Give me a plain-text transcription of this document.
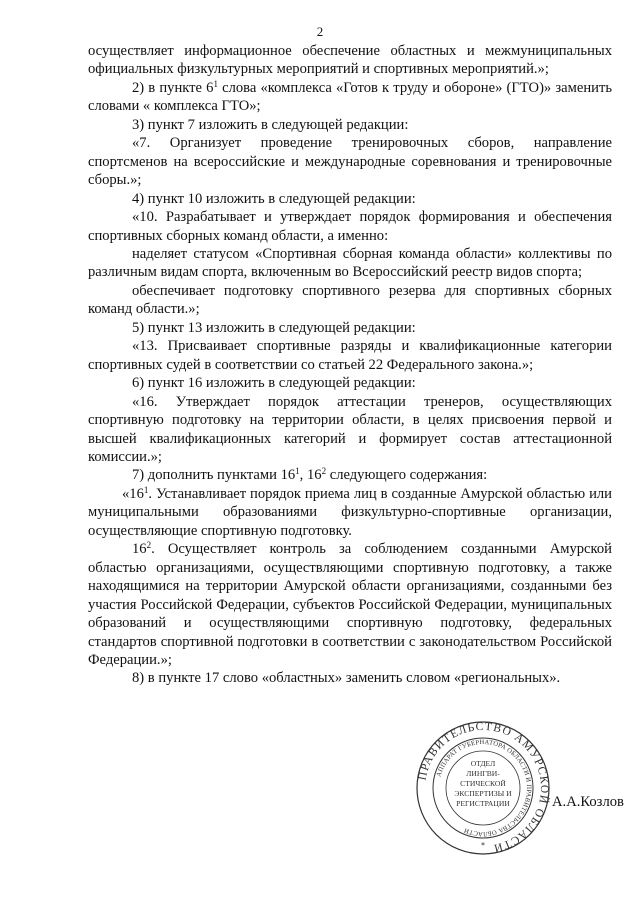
2

осуществляет информационное обеспечение областных и межмуниципальных официальных физкультурных мероприятий и спортивных мероприятий.»;

2) в пункте $6^1$ слова «комплекса «Готов к труду и обороне» (ГТО)» заменить словами « комплекса ГТО»;

3) пункт 7 изложить в следующей редакции:

«7. Организует проведение тренировочных сборов, направление спортсменов на всероссийские и международные соревнования и тренировочные сборы.»;

4) пункт 10 изложить в следующей редакции:

«10. Разрабатывает и утверждает порядок формирования и обеспечения спортивных сборных команд области, а именно:

наделяет статусом «Спортивная сборная команда области» коллективы по различным видам спорта, включенным во Всероссийский реестр видов спорта;

обеспечивает подготовку спортивного резерва для спортивных сборных команд области.»;

5) пункт 13 изложить в следующей редакции:

«13. Присваивает спортивные разряды и квалификационные категории спортивных судей в соответствии со статьей 22 Федерального закона.»;

6) пункт 16 изложить в следующей редакции:

«16. Утверждает порядок аттестации тренеров, осуществляющих спортивную подготовку на территории области, в целях присвоения первой и высшей квалификационных категорий и формирует состав аттестационной комиссии.»;

7) дополнить пунктами $16^1$, $16^2$ следующего содержания:

«$16^1$. Устанавливает порядок приема лиц в созданные Амурской областью или муниципальными образованиями физкультурно-спортивные организации, осуществляющие спортивную подготовку.

$16^2$. Осуществляет контроль за соблюдением созданными Амурской областью организациями, осуществляющими спортивную подготовку, а также находящимися на территории Амурской области организациями, созданными без участия Российской Федерации, субъектов Российской Федерации, муниципальных образований и осуществляющими спортивную подготовку, федеральных стандартов спортивной подготовки в соответствии с законодательством Российской Федерации.»;

8) в пункте 17 слово «областных» заменить словом «региональных».

ПРАВИТЕЛЬСТВО АМУРСКОЙ ОБЛАСТИ
АППАРАТ ГУБЕРНАТОРА ОБЛАСТИ И ПРАВИТЕЛЬСТВА ОБЛАСТИ
ОТДЕЛ
ЛИНГВИ-
СТИЧЕСКОЙ
ЭКСПЕРТИЗЫ И
РЕГИСТРАЦИИ
*
А.А.Козлов
